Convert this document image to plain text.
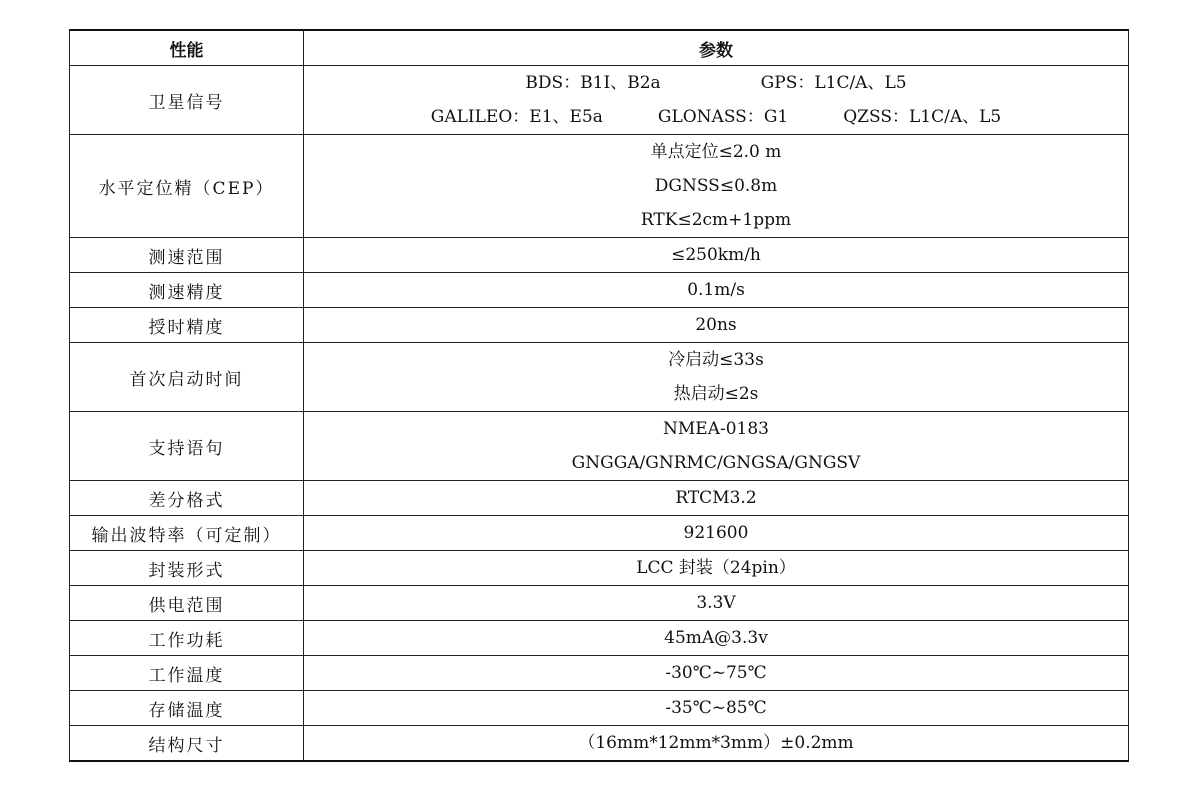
性能	参数
卫星信号	BDS：B1I、B2a GPS：L1C/A、L5
GALILEO：E1、E5a GLONASS：G1 QZSS：L1C/A、L5

水平定位精（CEP）	单点定位≤2.0 m
DGNSS≤0.8m
RTK≤2cm+1ppm

测速范围	≤250km/h

测速精度	0.1m/s

授时精度	20ns

首次启动时间	冷启动≤33s
热启动≤2s

支持语句	NMEA-0183
GNGGA/GNRMC/GNGSA/GNGSV

差分格式	RTCM3.2

输出波特率（可定制）	921600

封装形式	LCC 封装（24pin）

供电范围	3.3V

工作功耗	45mA@3.3v

工作温度	-30℃~75℃

存储温度	-35℃~85℃

结构尺寸	（16mm*12mm*3mm）±0.2mm
